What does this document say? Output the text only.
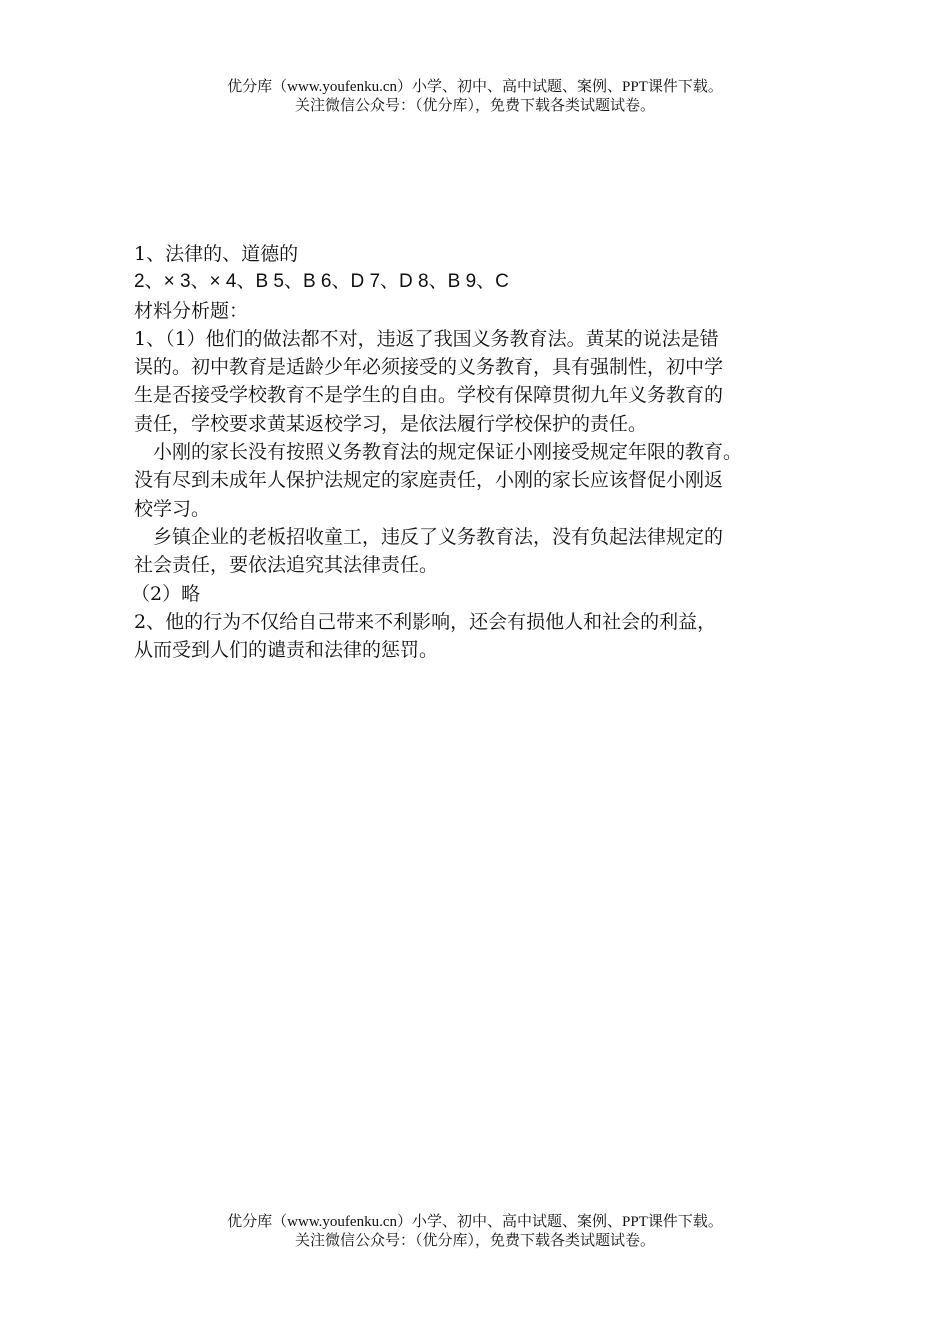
优分库（www.youfenku.cn）小学、初中、高中试题、案例、PPT课件下载。
关注微信公众号：（优分库），免费下载各类试题试卷。

1、法律的、道德的

2、× 3、× 4、B 5、B 6、D 7、D 8、B 9、C

材料分析题：

1、（1）他们的做法都不对，违返了我国义务教育法。黄某的说法是错

误的。初中教育是适龄少年必须接受的义务教育，具有强制性，初中学

生是否接受学校教育不是学生的自由。学校有保障贯彻九年义务教育的

责任，学校要求黄某返校学习，是依法履行学校保护的责任。

小刚的家长没有按照义务教育法的规定保证小刚接受规定年限的教育。

没有尽到未成年人保护法规定的家庭责任，小刚的家长应该督促小刚返

校学习。

乡镇企业的老板招收童工，违反了义务教育法，没有负起法律规定的

社会责任，要依法追究其法律责任。

（2）略

2、他的行为不仅给自己带来不利影响，还会有损他人和社会的利益，

从而受到人们的谴责和法律的惩罚。

优分库（www.youfenku.cn）小学、初中、高中试题、案例、PPT课件下载。
关注微信公众号：（优分库），免费下载各类试题试卷。
